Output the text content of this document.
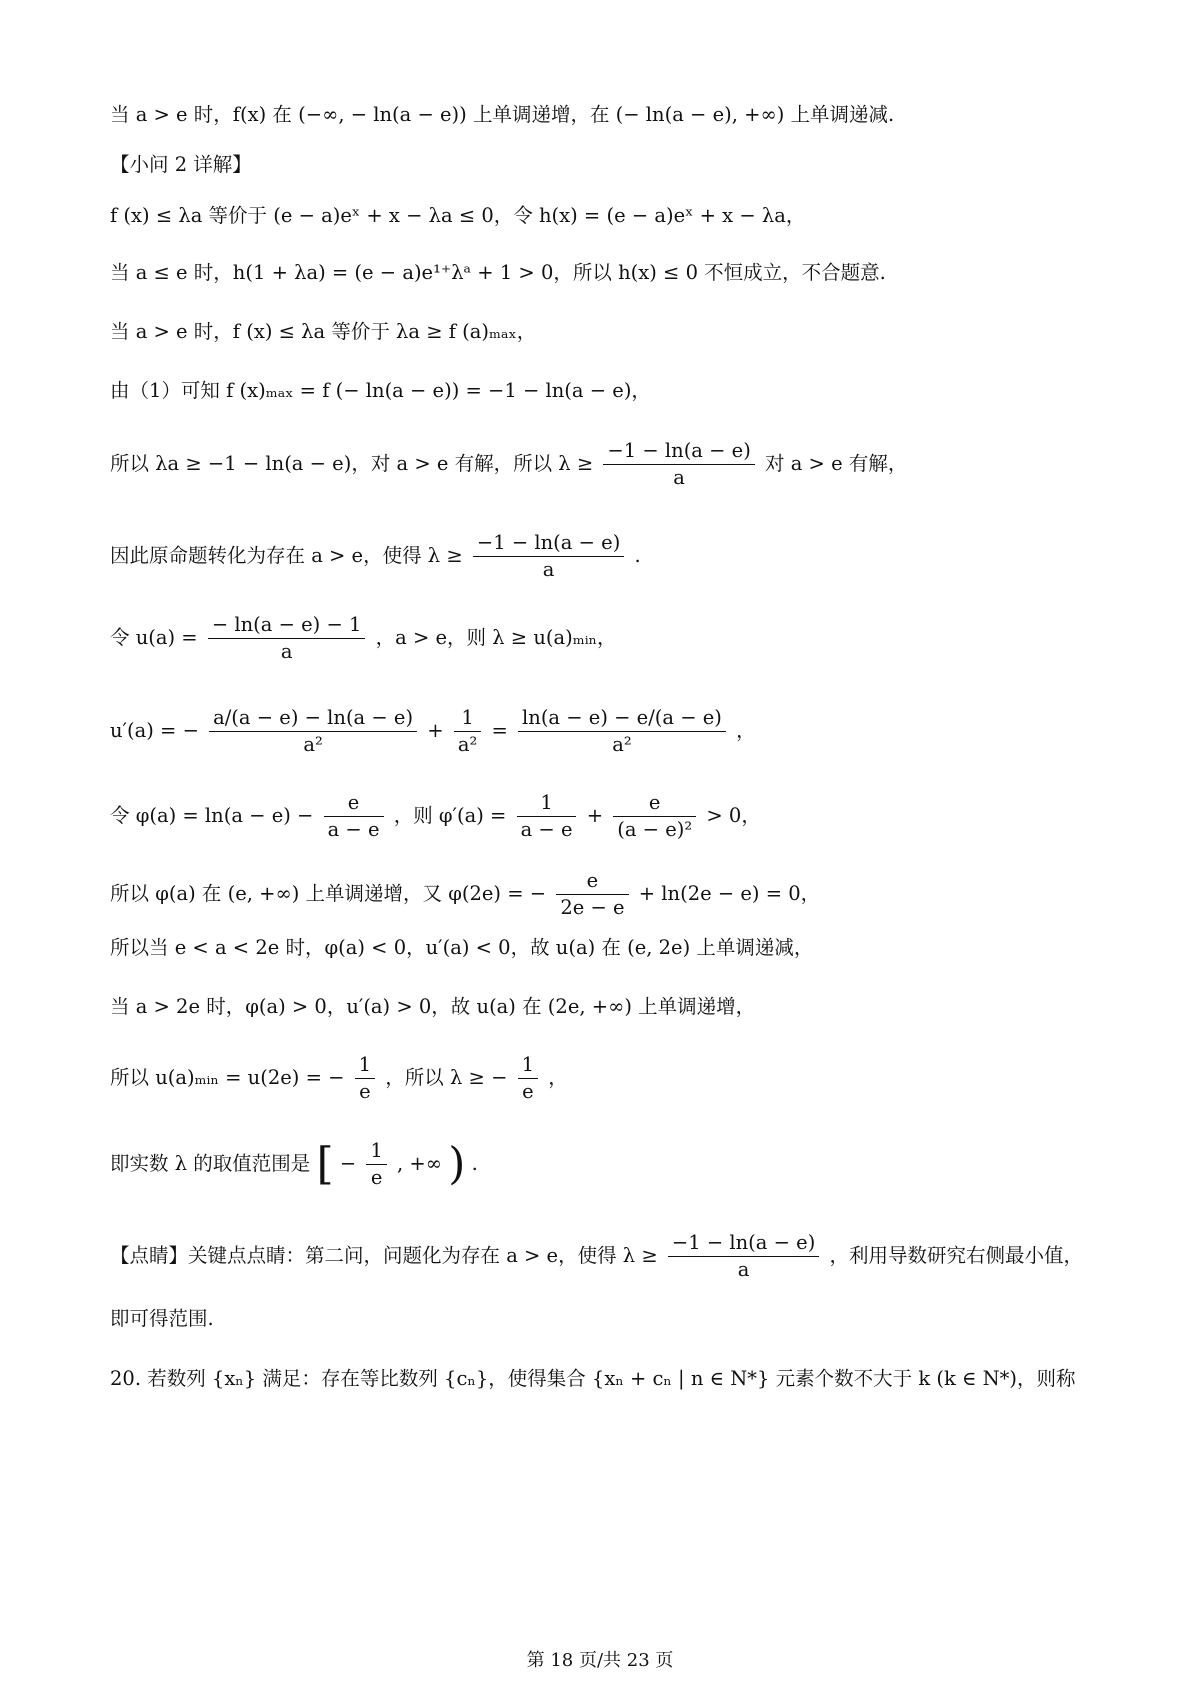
当 a > e 时，f(x) 在 (−∞, − ln(a − e)) 上单调递增，在 (− ln(a − e), +∞) 上单调递减.
【小问 2 详解】
f (x) ≤ λa 等价于 (e − a)eˣ + x − λa ≤ 0，令 h(x) = (e − a)eˣ + x − λa，
当 a ≤ e 时，h(1 + λa) = (e − a)e¹⁺λᵃ + 1 > 0，所以 h(x) ≤ 0 不恒成立，不合题意.
当 a > e 时，f (x) ≤ λa 等价于 λa ≥ f (a)ₘₐₓ，
由（1）可知 f (x)ₘₐₓ = f (− ln(a − e)) = −1 − ln(a − e)，
所以 λa ≥ −1 − ln(a − e)，对 a > e 有解，所以 $\lambda \ge \frac{-1 - \ln(a - e)}{a}$ 对 a > e 有解，
因此原命题转化为存在 a > e，使得 $\lambda \ge \frac{-1 - \ln(a - e)}{a}$ .
令 $u(a) = \frac{- \ln(a - e) - 1}{a}$ ，a > e，则 λ ≥ u(a)ₘᵢₙ，
u′(a) = − $\frac{a/(a - e) - \ln(a - e)}{\text{a²}} + \frac{1}{\text{a²}} = \frac{\ln(a - e) - e/(a - e)}{\text{a²}}$ ，
令 $\varphi(a) = \ln(a - e) - \frac{e}{a - e}$ ，则 $\varphi'(a) = \frac{1}{a - e} + \frac{e}{\text{(a − e)²}} > 0$，
所以 φ(a) 在 (e, +∞) 上单调递增，又 φ(2e) = − $\frac{e}{2e - e} + \ln(2e - e) = 0$，
所以当 e < a < 2e 时，φ(a) < 0，u′(a) < 0，故 u(a) 在 (e, 2e) 上单调递减，
当 a > 2e 时，φ(a) > 0，u′(a) > 0，故 u(a) 在 (2e, +∞) 上单调递增，
所以 u(a)ₘᵢₙ = u(2e) = − $\frac{1}{e}$ ，所以 λ ≥ − $\frac{1}{e}$ ，
即实数 λ 的取值范围是 [ − $\frac{1}{e}$ , +∞ ) .
【点睛】关键点点睛：第二问，问题化为存在 a > e，使得 $\lambda \ge \frac{-1 - \ln(a - e)}{a}$ ，利用导数研究右侧最小值，
即可得范围.
20. 若数列 {xₙ} 满足：存在等比数列 {cₙ}，使得集合 {xₙ + cₙ | n ∈ N*} 元素个数不大于 k (k ∈ N*)，则称
第 18 页/共 23 页
